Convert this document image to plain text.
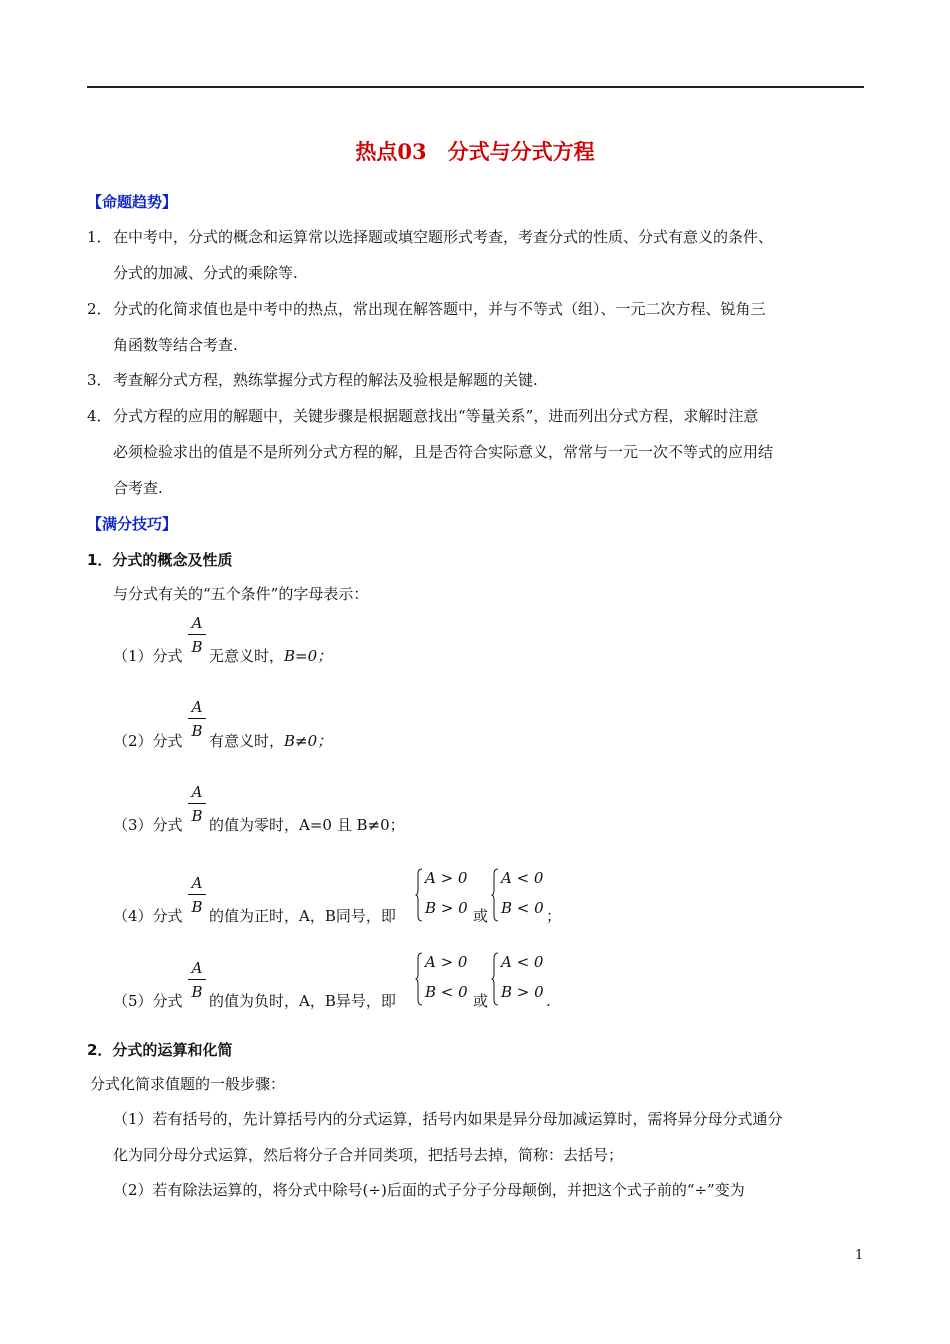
热点03　分式与分式方程
【命题趋势】
1． 在中考中，分式的概念和运算常以选择题或填空题形式考查，考查分式的性质、分式有意义的条件、
分式的加减、分式的乘除等.
2． 分式的化简求值也是中考中的热点，常出现在解答题中，并与不等式（组）、一元二次方程、锐角三
角函数等结合考查.
3． 考查解分式方程，熟练掌握分式方程的解法及验根是解题的关键.
4． 分式方程的应用的解题中，关键步骤是根据题意找出“等量关系”，进而列出分式方程，求解时注意
必须检验求出的值是不是所列分式方程的解，且是否符合实际意义，常常与一元一次不等式的应用结
合考查.
【满分技巧】
1．分式的概念及性质
与分式有关的“五个条件”的字母表示：
（1）分式
A
B 无意义时，B=0；
（2）分式
A
B
有意义时，B≠0；
（3）分式
A
B 的值为零时，A=0 且 B≠0；
（4）分式
A
B 的值为正时，A，B同号，即
A > 0
B > 0 或
A < 0
B < 0 ；
（5）分式
A
B 的值为负时，A，B异号，即
A > 0
B < 0 或
A < 0
B > 0 .
2．分式的运算和化简
分式化简求值题的一般步骤：
（1）若有括号的，先计算括号内的分式运算，括号内如果是异分母加减运算时，需将异分母分式通分
化为同分母分式运算，然后将分子合并同类项，把括号去掉，简称：去括号；
（2）若有除法运算的，将分式中除号(÷)后面的式子分子分母颠倒，并把这个式子前的“÷”变为
1
